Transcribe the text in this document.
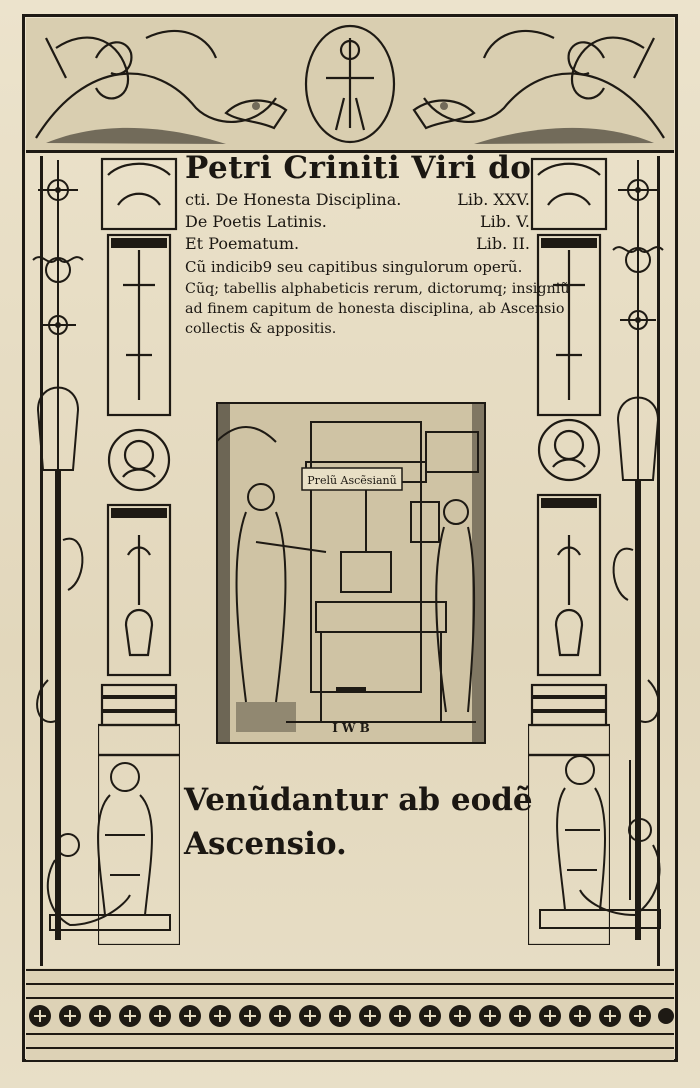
Petri Criniti Viri do
cti. De Honesta Disciplina.	Lib. XXV.
De Poetis Latinis.	Lib. V.
Et Poematum.	Lib. II.
Cũ indicib9 seu capitibus singulorum operũ.
Cũq; tabellis alphabeticis rerum, dictorumq; insigniũ
ad finem capitum de honesta disciplina, ab Ascensio
collectis & appositis.
Prelũ Ascẽsianũ
I W B
Venũdantur ab eodẽ
Ascensio.
